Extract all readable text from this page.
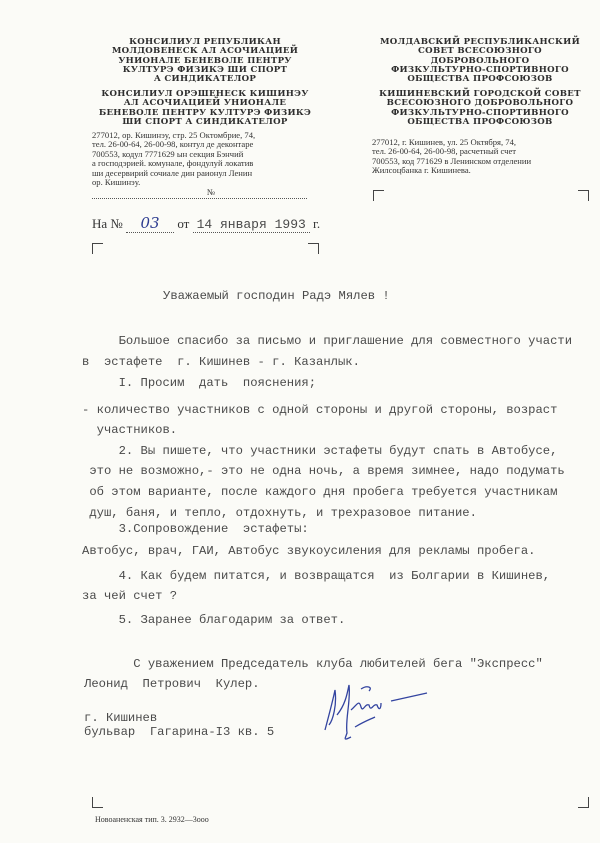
КОНСИЛИУЛ РЕПУБЛИКАН
МОЛДОВЕНЕСК АЛ АСОЧИАЦИЕЙ
УНИОНАЛЕ БЕНЕВОЛЕ ПЕНТРУ
КУЛТУРЭ ФИЗИКЭ ШИ СПОРТ
А СИНДИКАТЕЛОР
КОНСИЛИУЛ ОРЭШЕНЕСК КИШИНЭУ
АЛ АСОЧИАЦИЕЙ УНИОНАЛЕ
БЕНЕВОЛЕ ПЕНТРУ КУЛТУРЭ ФИЗИКЭ
ШИ СПОРТ А СИНДИКАТЕЛОР
277012, ор. Кишинэу, стр. 25 Октомбрие, 74,
тел. 26-00-64, 26-00-98, контул де деконтаре
700553, кодул 7771629 ын секция Бэнчий
а господэрией. комунале, фондулуй локатив
ши десервирий сочиале дин раионул Ленин
ор. Кишинэу.
№
МОЛДАВСКИЙ РЕСПУБЛИКАНСКИЙ
СОВЕТ ВСЕСОЮЗНОГО ДОБРОВОЛЬНОГО
ФИЗКУЛЬТУРНО-СПОРТИВНОГО
ОБЩЕСТВА ПРОФСОЮЗОВ
КИШИНЕВСКИЙ ГОРОДСКОЙ СОВЕТ
ВСЕСОЮЗНОГО ДОБРОВОЛЬНОГО
ФИЗКУЛЬТУРНО-СПОРТИВНОГО
ОБЩЕСТВА ПРОФСОЮЗОВ
277012, г. Кишинев, ул. 25 Октября, 74,
тел. 26-00-64, 26-00-98, расчетный счет
700553, код 771629 в Ленинском отделении
Жилсоцбанка г. Кишинева.
На № 03 от 14 января 1993 г.
Уважаемый господин Радэ Мялев !
Большое спасибо за письмо и приглашение для совместного участи
в  эстафете  г. Кишинев - г. Казанлык.
I. Просим  дать  пояснения;
- количество участников с одной стороны и другой стороны, возраст
участников.
2. Вы пишете, что участники эстафеты будут спать в Автобусе,
это не возможно,- это не одна ночь, а время зимнее, надо подумать
об этом варианте, после каждого дня пробега требуется участникам
душ, баня, и тепло, отдохнуть, и трехразовое питание.
3.Сопровождение  эстафеты:
Автобус, врач, ГАИ, Автобус звукоусиления для рекламы пробега.
4. Как будем питатся, и возвращатся  из Болгарии в Кишинев,
за чей счет ?
5. Заранее благодарим за ответ.
С уважением Председатель клуба любителей бега "Экспресс"
Леонид  Петрович  Кулер.
г. Кишинев
бульвар  Гагарина-I3 кв. 5
Новоаненская тип. 3. 2932—3ооо
